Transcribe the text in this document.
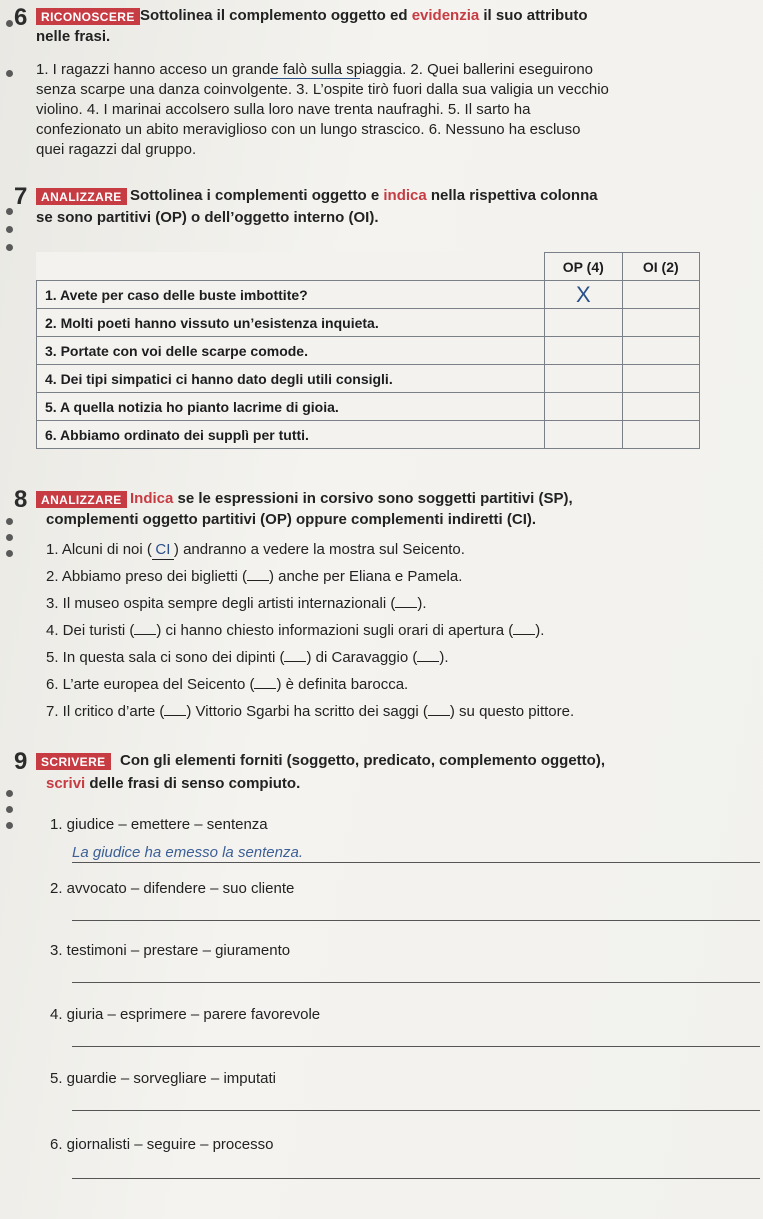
6	RICONOSCERE Sottolinea il complemento oggetto ed evidenzia il suo attributo
nelle frasi.
1. I ragazzi hanno acceso un grande falò sulla spiaggia. 2. Quei ballerini eseguirono
senza scarpe una danza coinvolgente. 3. L’ospite tirò fuori dalla sua valigia un vecchio
violino. 4. I marinai accolsero sulla loro nave trenta naufraghi. 5. Il sarto ha
confezionato un abito meraviglioso con un lungo strascico. 6. Nessuno ha escluso
quei ragazzi dal gruppo.
7	ANALIZZARE Sottolinea i complementi oggetto e indica nella rispettiva colonna
se sono partitivi (OP) o dell’oggetto interno (OI).
	OP (4)	OI (2)
1. Avete per caso delle buste imbottite?	X	
2. Molti poeti hanno vissuto un’esistenza inquieta.		
3. Portate con voi delle scarpe comode.		
4. Dei tipi simpatici ci hanno dato degli utili consigli.		
5. A quella notizia ho pianto lacrime di gioia.		
6. Abbiamo ordinato dei supplì per tutti.		
8	ANALIZZARE Indica se le espressioni in corsivo sono soggetti partitivi (SP),
complementi oggetto partitivi (OP) oppure complementi indiretti (CI).
1. Alcuni di noi ( CI ) andranno a vedere la mostra sul Seicento.
2. Abbiamo preso dei biglietti ( ) anche per Eliana e Pamela.
3. Il museo ospita sempre degli artisti internazionali ( ).
4. Dei turisti ( ) ci hanno chiesto informazioni sugli orari di apertura ( ).
5. In questa sala ci sono dei dipinti ( ) di Caravaggio ( ).
6. L’arte europea del Seicento ( ) è definita barocca.
7. Il critico d’arte ( ) Vittorio Sgarbi ha scritto dei saggi ( ) su questo pittore.
9	SCRIVERE Con gli elementi forniti (soggetto, predicato, complemento oggetto),
scrivi delle frasi di senso compiuto.
1. giudice – emettere – sentenza
La giudice ha emesso la sentenza.
2. avvocato – difendere – suo cliente
3. testimoni – prestare – giuramento
4. giuria – esprimere – parere favorevole
5. guardie – sorvegliare – imputati
6. giornalisti – seguire – processo
